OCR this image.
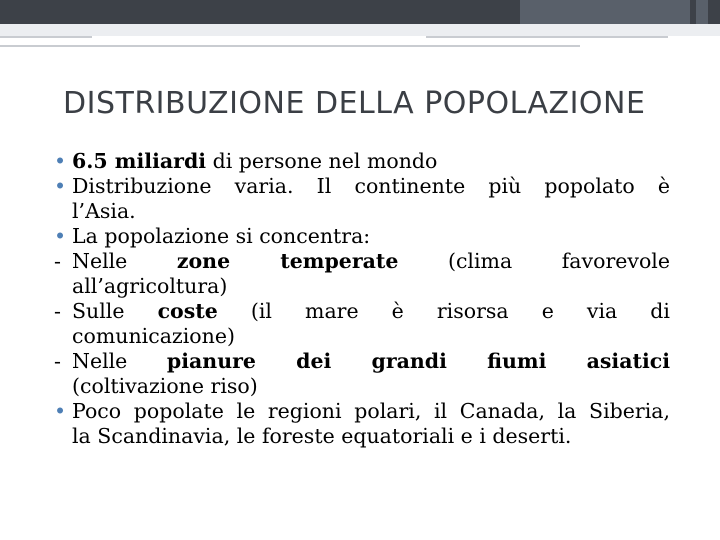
DISTRIBUZIONE DELLA POPOLAZIONE
• 6.5 miliardi di persone nel mondo
• Distribuzione varia. Il continente più popolato è
l’Asia.
• La popolazione si concentra:
- Nelle zone temperate (clima favorevole
all’agricoltura)
- Sulle coste (il mare è risorsa e via di
comunicazione)
- Nelle pianure dei grandi fiumi asiatici
(coltivazione riso)
• Poco popolate le regioni polari, il Canada, la Siberia,
la Scandinavia, le foreste equatoriali e i deserti.
